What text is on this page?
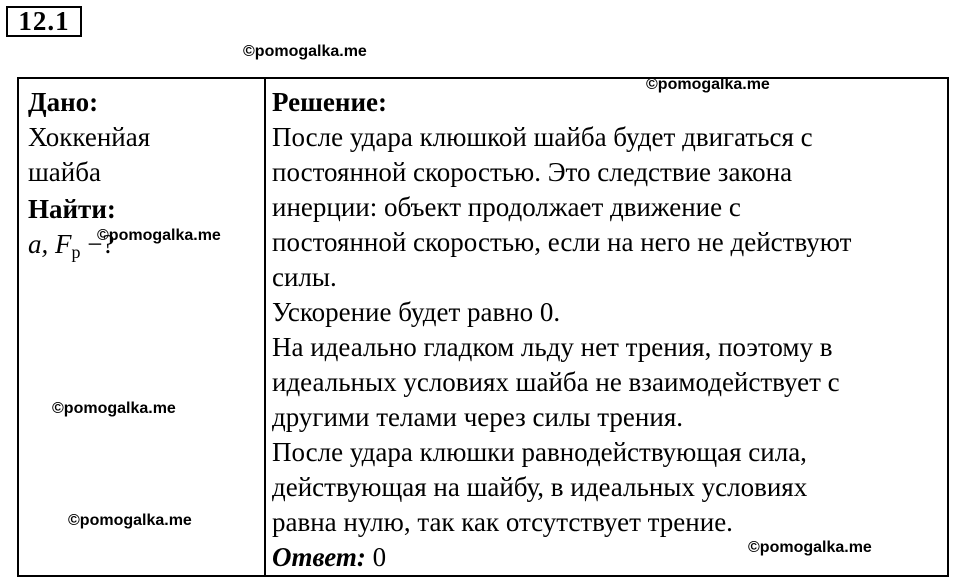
12.1
©pomogalka.me
Дано:
Хоккенйая
шайба
Найти:
a, $F_р$ −?
Решение:
После удара клюшкой шайба будет двигаться с
постоянной скоростью. Это следствие закона
инерции: объект продолжает движение с
постоянной скоростью, если на него не действуют
силы.
Ускорение будет равно 0.
На идеально гладком льду нет трения, поэтому в
идеальных условиях шайба не взаимодействует с
другими телами через силы трения.
После удара клюшки равнодействующая сила,
действующая на шайбу, в идеальных условиях
равна нулю, так как отсутствует трение.
Ответ: 0
©pomogalka.me
©pomogalka.me
©pomogalka.me
©pomogalka.me
©pomogalka.me
